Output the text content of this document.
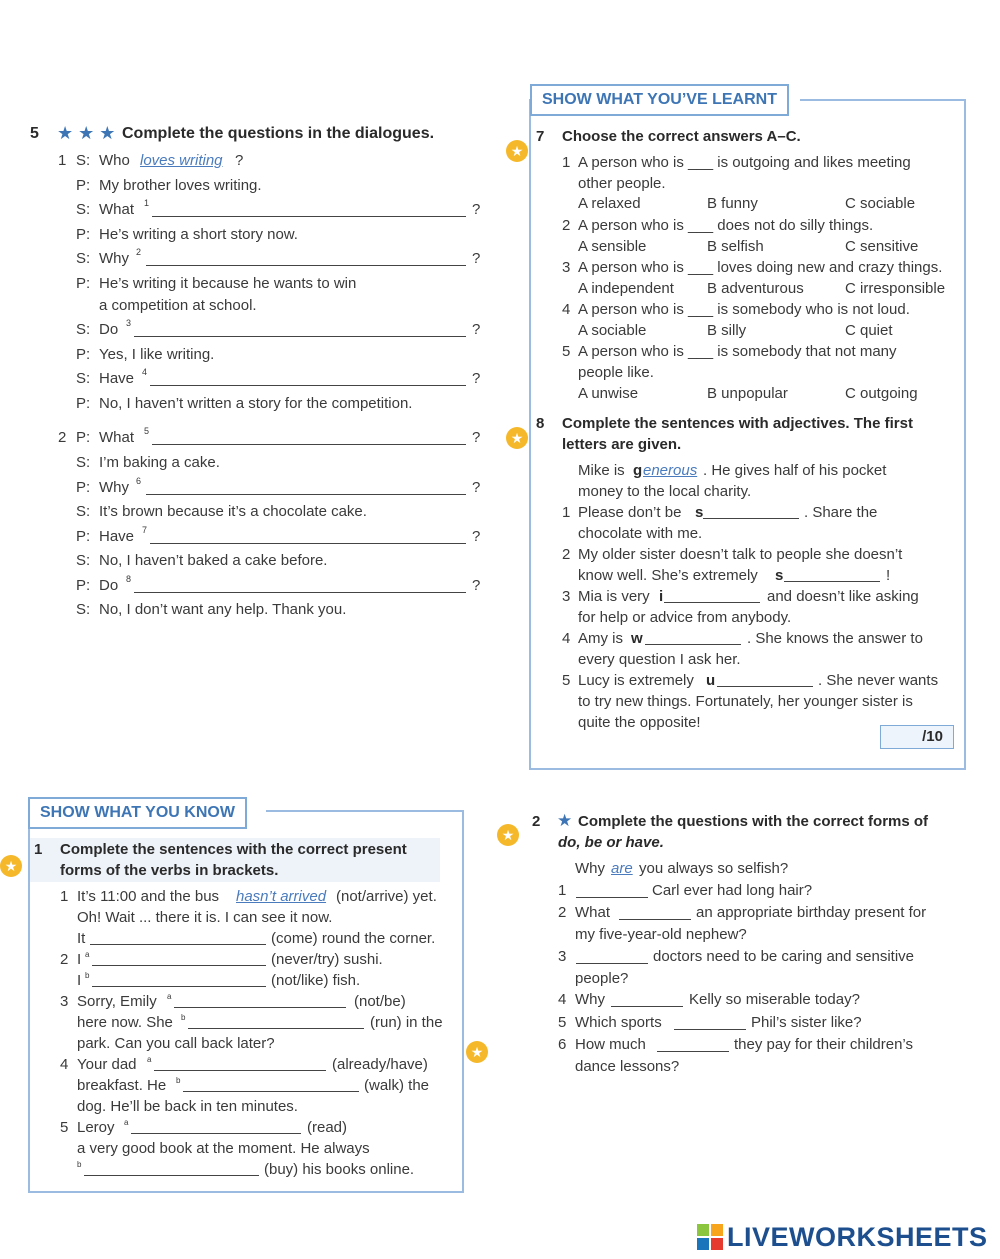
5 ★ ★ ★ Complete the questions in the dialogues.
1 S: Who loves writing ?
P: My brother loves writing.
S: What 1	?
P: He’s writing a short story now.
S: Why 2	?
P: He’s writing it because he wants to win
a competition at school.
S: Do 3	?
P: Yes, I like writing.
S: Have 4	?
P: No, I haven’t written a story for the competition.
2 P: What 5	?
S: I’m baking a cake.
P: Why 6	?
S: It’s brown because it’s a chocolate cake.
P: Have 7	?
S: No, I haven’t baked a cake before.
P: Do 8	?
S: No, I don’t want any help. Thank you.
SHOW WHAT YOU’VE LEARNT
★
7 Choose the correct answers A–C.
1 A person who is ___ is outgoing and likes meeting
other people.
A relaxed	B funny	C sociable
2 A person who is ___ does not do silly things.
A sensible	B selfish	C sensitive
3 A person who is ___ loves doing new and crazy things.
A independent B adventurous	C irresponsible
4 A person who is ___ is somebody who is not loud.
A sociable	B silly	C quiet
5 A person who is ___ is somebody that not many
people like.
A unwise	B unpopular	C outgoing
★
8 Complete the sentences with adjectives. The first
letters are given.
Mike is g enerous . He gives half of his pocket
money to the local charity.
1 Please don’t be s	. Share the
chocolate with me.
2 My older sister doesn’t talk to people she doesn’t
know well. She’s extremely s	!
3 Mia is very i	and doesn’t like asking
for help or advice from anybody.
4 Amy is w	. She knows the answer to
every question I ask her.
5 Lucy is extremely u	. She never wants
to try new things. Fortunately, her younger sister is
quite the opposite!
/10
SHOW WHAT YOU KNOW
★
1 Complete the sentences with the correct present
forms of the verbs in brackets.
1 It’s 11:00 and the bus hasn’t arrived (not/arrive) yet.
Oh! Wait ... there it is. I can see it now.
It	(come) round the corner.
2 I a	(never/try) sushi.
I b	(not/like) fish.
3 Sorry, Emily a	(not/be)
here now. She b	(run) in the
park. Can you call back later?
4 Your dad a	(already/have)
breakfast. He b	(walk) the
dog. He’ll be back in ten minutes.
5 Leroy a	(read)
a very good book at the moment. He always
b	(buy) his books online.
★
★
2 ★ Complete the questions with the correct forms of
do, be or have.
Why are you always so selfish?
1	Carl ever had long hair?
2 What	an appropriate birthday present for
my five-year-old nephew?
3	doctors need to be caring and sensitive
people?
4 Why	Kelly so miserable today?
5 Which sports	Phil’s sister like?
6 How much	they pay for their children’s
dance lessons?
LIVEWORKSHEETS
